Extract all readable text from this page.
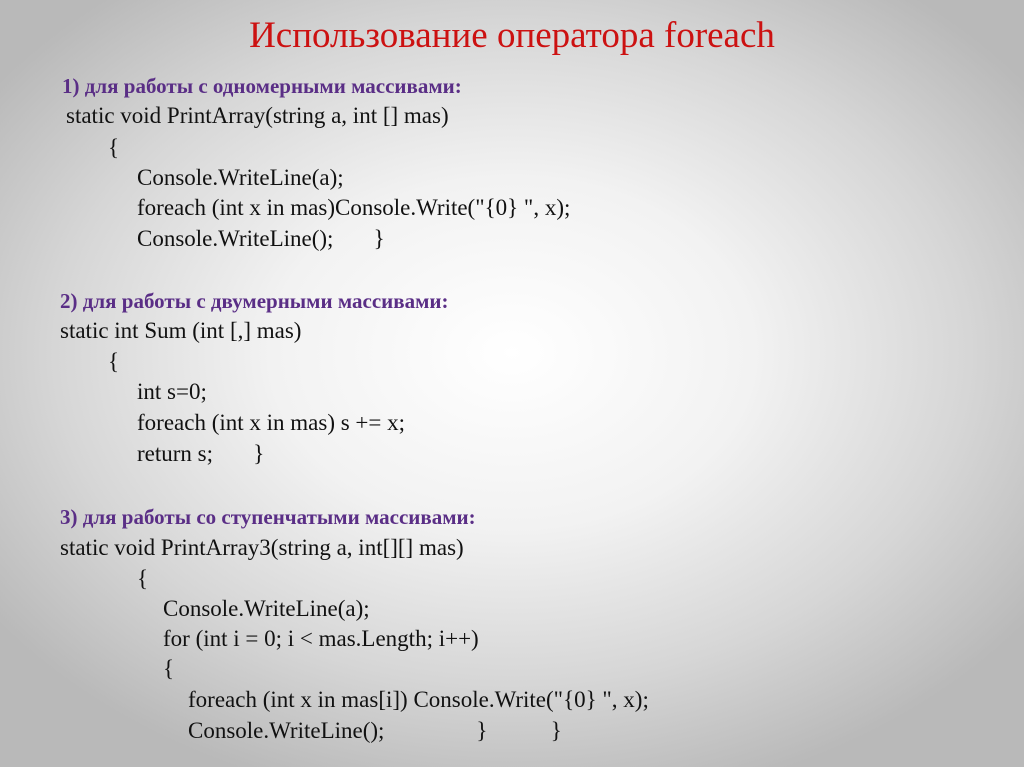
Использование оператора foreach
1) для работы с одномерными массивами:
static void PrintArray(string a, int [] mas)
{
Console.WriteLine(a);
foreach (int x in mas)Console.Write("{0} ", x);
Console.WriteLine();       }
2) для работы с двумерными массивами:
static int Sum (int [,] mas)
{
int s=0;
foreach (int x in mas) s += x;
return s;       }
3) для работы со ступенчатыми массивами:
static void PrintArray3(string a, int[][] mas)
{
Console.WriteLine(a);
for (int i = 0; i < mas.Length; i++)
{
foreach (int x in mas[i]) Console.Write("{0} ", x);
Console.WriteLine();                }           }
